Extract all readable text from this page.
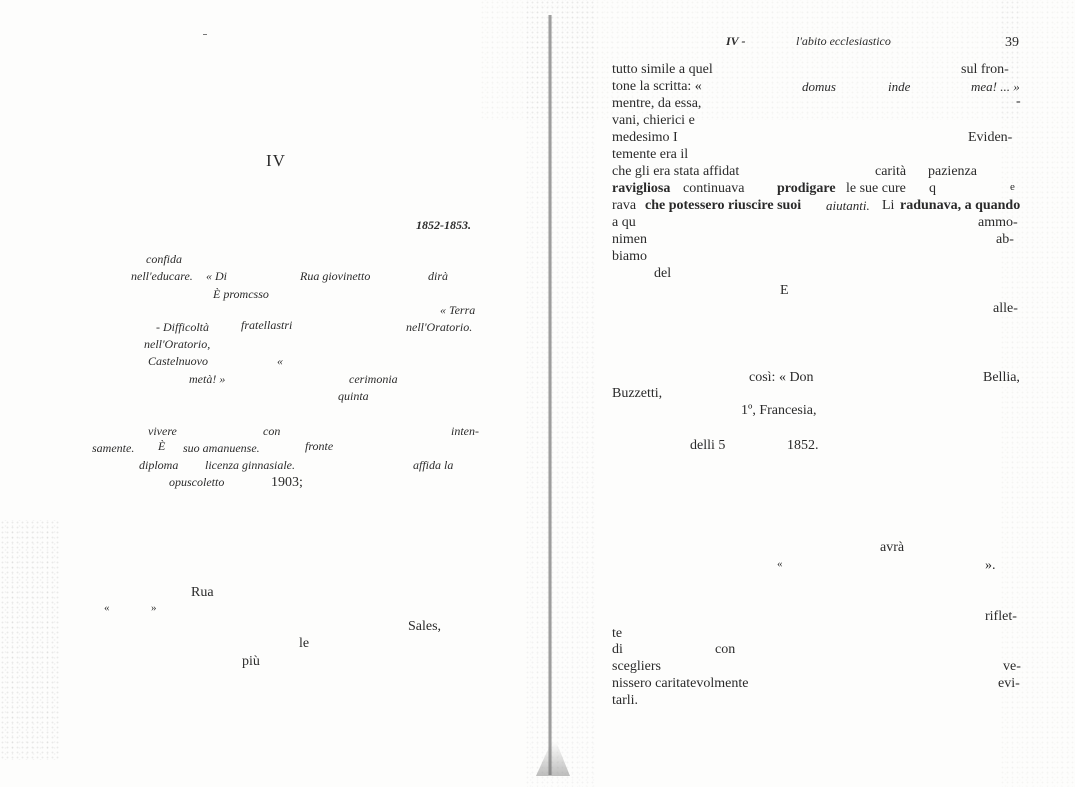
IV
1852-1853.
confida
nell'educare. « Di	Rua giovinetto	dirà
È promcsso
« Terra
- Difficoltà	fratellastri	nell'Oratorio.
nell'Oratorio,
Castelnuovo	«
metà! »	cerimonia
quinta
vivere	con	inten-
samente. È suo amanuense.	fronte
diploma licenza ginnasiale.	affida la
opuscoletto	1903;
Rua
«	»
Sales,
le
più
IV -	l'abito ecclesiastico	39
tutto simile a quel	sul fron-
tone la scritta: «	domus	inde	mea! ... »
mentre, da essa,	-
vani, chierici e
medesimo I	Eviden-
temente era il
che gli era stata affidat	carità pazienza
ravigliosa continuava prodigare le sue cure q	e
rava che potessero riuscire suoi aiutanti. Li radunava, a quando
a qu	ammo-
nimen	ab-
biamo
del
E
alle-
così: « Don	Bellia,
Buzzetti,
1º, Francesia,
delli 5	1852.
avrà
«	».
riflet-
te
di	con
scegliers	ve-
nissero caritatevolmente	evi-
tarli.
